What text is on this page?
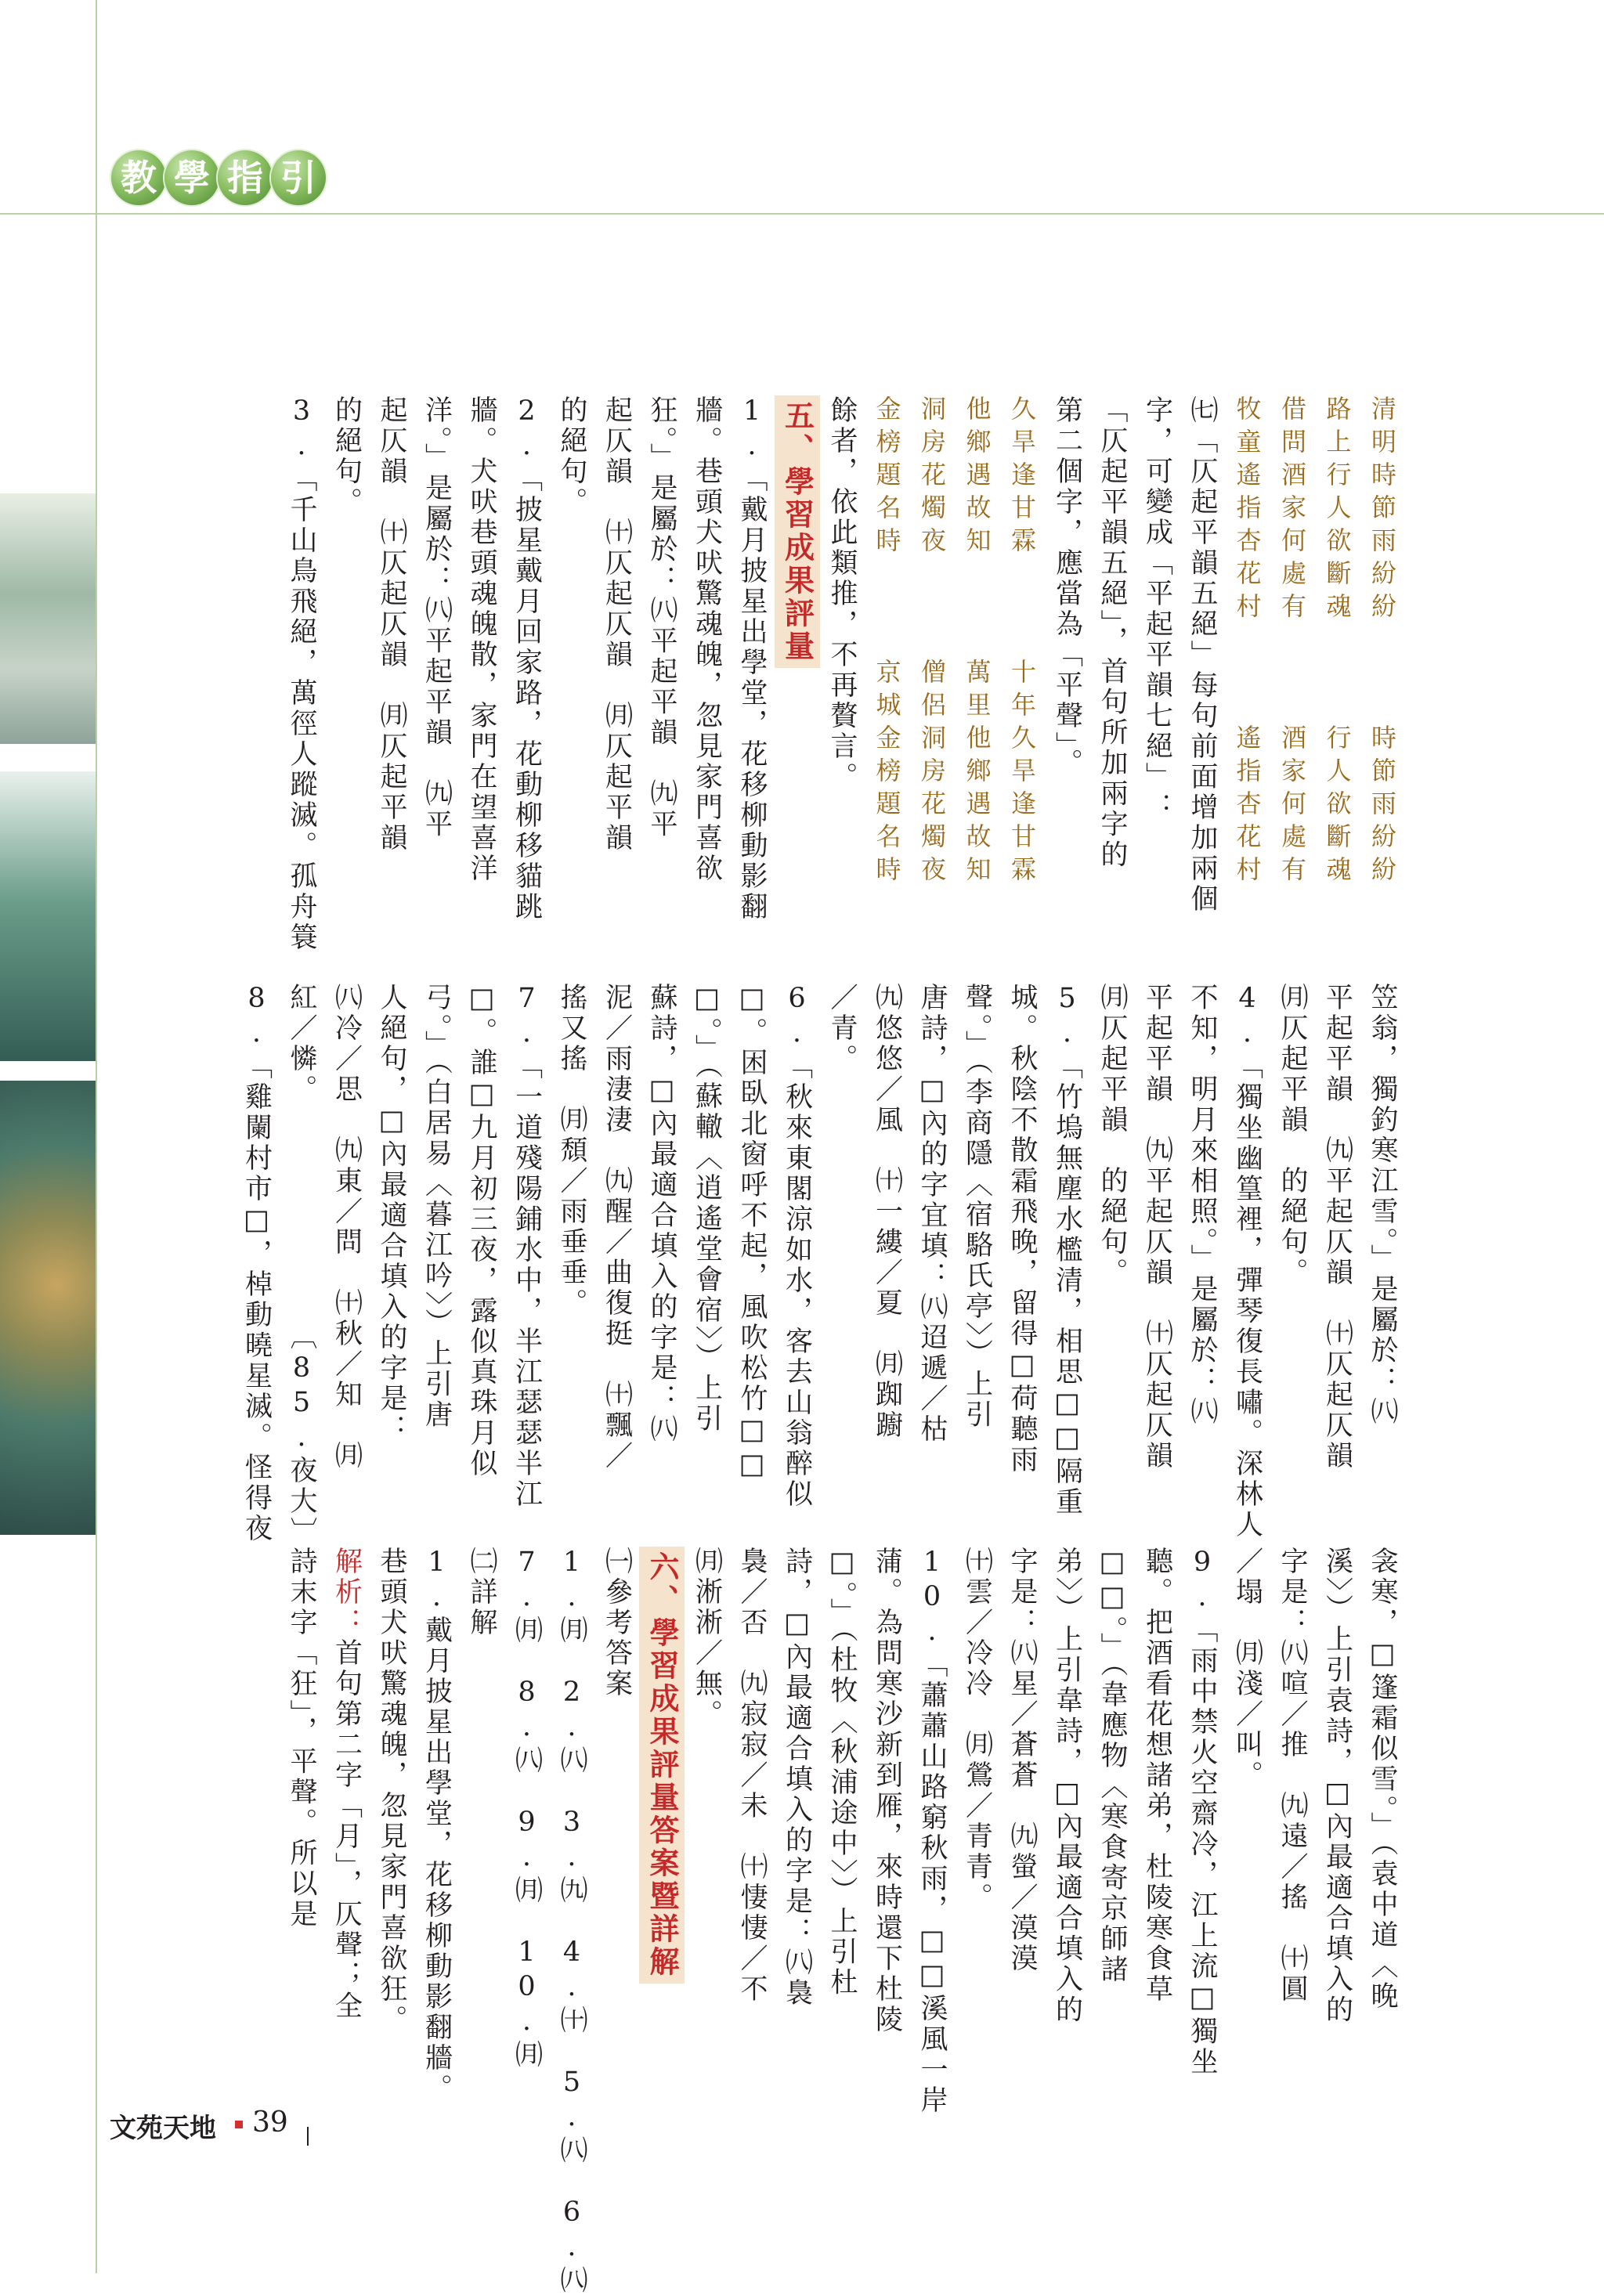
教 學 指 引
清明時節雨紛紛　　　時節雨紛紛
路上行人欲斷魂　　　行人欲斷魂
借問酒家何處有　　　酒家何處有
牧童遙指杏花村　　　遙指杏花村
㈦「仄起平韻五絕」每句前面增加兩個
字，可變成「平起平韻七絕」：
「仄起平韻五絕」，首句所加兩字的
第二個字，應當為「平聲」。
久旱逢甘霖　　　十年久旱逢甘霖
他鄉遇故知　　　萬里他鄉遇故知
洞房花燭夜　　　僧侶洞房花燭夜
金榜題名時　　　京城金榜題名時
餘者，依此類推，不再贅言。
五、學習成果評量
1.「戴月披星出學堂，花移柳動影翻
牆。巷頭犬吠驚魂魄，忽見家門喜欲
狂。」是屬於：㈧平起平韻　㈨平
起仄韻　㈩仄起仄韻　㈪仄起平韻
的絕句。
2.「披星戴月回家路，花動柳移貓跳
牆。犬吠巷頭魂魄散，家門在望喜洋
洋。」是屬於：㈧平起平韻　㈨平
起仄韻　㈩仄起仄韻　㈪仄起平韻
的絕句。
3.「千山鳥飛絕，萬徑人蹤滅。孤舟簑
笠翁，獨釣寒江雪。」是屬於：㈧
平起平韻　㈨平起仄韻　㈩仄起仄韻
㈪仄起平韻　的絕句。
4.「獨坐幽篁裡，彈琴復長嘯。深林人
不知，明月來相照。」是屬於：㈧
平起平韻　㈨平起仄韻　㈩仄起仄韻
㈪仄起平韻　的絕句。
5.「竹塢無塵水檻清，相思□□隔重
城。秋陰不散霜飛晚，留得□荷聽雨
聲。」（李商隱〈宿駱氏亭〉）上引
唐詩，□內的字宜填：㈧迢遞／枯
㈨悠悠／風　㈩一縷／夏　㈪踟躕
／青。
6.「秋來東閣涼如水，客去山翁醉似
□。困臥北窗呼不起，風吹松竹□□
□。」（蘇轍〈逍遙堂會宿〉）上引
蘇詩，□內最適合填入的字是：㈧
泥／雨淒淒　㈨醒／曲復挺　㈩飄／
搖又搖　㈪頹／雨垂垂。
7.「一道殘陽鋪水中，半江瑟瑟半江
□。誰□九月初三夜，露似真珠月似
弓。」（白居易〈暮江吟〉）上引唐
人絕句，□內最適合填入的字是：
㈧冷／思　㈨東／問　㈩秋／知　㈪
紅／憐。　　　　　　　　〔85.夜大〕
8.「雞闌村市□，棹動曉星滅。怪得夜
衾寒，□篷霜似雪。」（袁中道〈晚
溪〉）上引袁詩，□內最適合填入的
字是：㈧喧／推　㈨遠／搖　㈩圓
／塌　㈪淺／叫。
9.「雨中禁火空齋冷，江上流□獨坐
聽。把酒看花想諸弟，杜陵寒食草
□□。」（韋應物〈寒食寄京師諸
弟〉）上引韋詩，□內最適合填入的
字是：㈧星／蒼蒼　㈨螢／漠漠
㈩雲／冷冷　㈪鶯／青青。
10.「蕭蕭山路窮秋雨，□□溪風一岸
蒲。為問寒沙新到雁，來時還下杜陵
□。」（杜牧〈秋浦途中〉）上引杜
詩，□內最適合填入的字是：㈧裊
裊／否　㈨寂寂／未　㈩悽悽／不
㈪淅淅／無。
六、學習成果評量答案暨詳解
㈠參考答案
1.㈪　2.㈧　3.㈨　4.㈩　5.㈧　6.㈧
7.㈪　8.㈧　9.㈪　10.㈪
㈡詳解
1.戴月披星出學堂，花移柳動影翻牆。
巷頭犬吠驚魂魄，忽見家門喜欲狂。
解析：首句第二字「月」，仄聲；全
詩末字「狂」，平聲。所以是
文苑天地 39
